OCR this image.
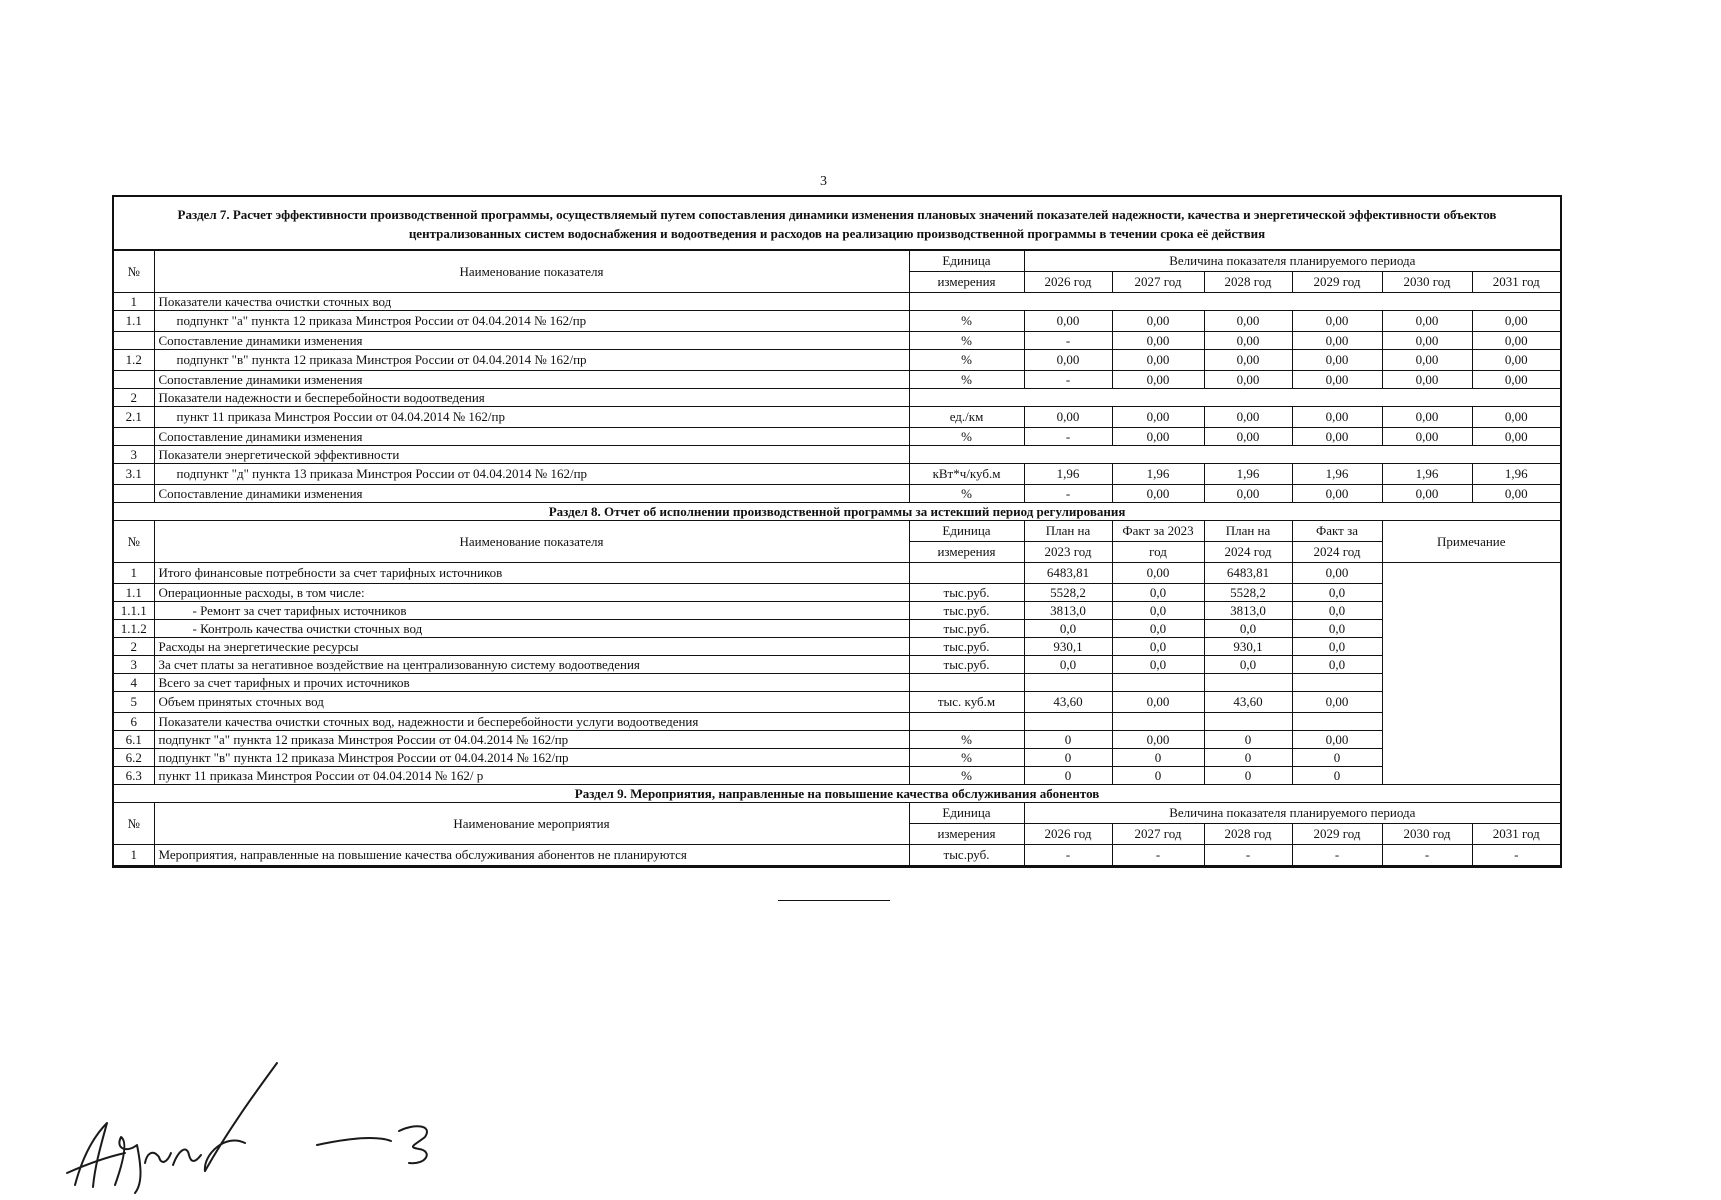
3
Раздел 7. Расчет эффективности производственной программы, осуществляемый путем сопоставления динамики изменения плановых значений показателей надежности, качества и энергетической эффективности объектов централизованных систем водоснабжения и водоотведения и расходов на реализацию производственной программы в течении срока её действия
№	Наименование показателя	Единица	Величина показателя планируемого периода					
		измерения	2026 год	2027 год	2028 год	2029 год	2030 год	2031 год
1	Показатели качества очистки сточных вод							
1.1	подпункт "а" пункта 12 приказа Минстроя России от 04.04.2014 № 162/пр	%	0,00	0,00	0,00	0,00	0,00	0,00
	Сопоставление динамики изменения	%	-	0,00	0,00	0,00	0,00	0,00
1.2	подпункт "в" пункта 12 приказа Минстроя России от 04.04.2014 № 162/пр	%	0,00	0,00	0,00	0,00	0,00	0,00
	Сопоставление динамики изменения	%	-	0,00	0,00	0,00	0,00	0,00
2	Показатели надежности и бесперебойности водоотведения							
2.1	пункт 11 приказа Минстроя России от 04.04.2014 № 162/пр	ед./км	0,00	0,00	0,00	0,00	0,00	0,00
	Сопоставление динамики изменения	%	-	0,00	0,00	0,00	0,00	0,00
3	Показатели энергетической эффективности							
3.1	подпункт "д" пункта 13 приказа Минстроя России от 04.04.2014 № 162/пр	кВт*ч/куб.м	1,96	1,96	1,96	1,96	1,96	1,96
	Сопоставление динамики изменения	%	-	0,00	0,00	0,00	0,00	0,00
Раздел 8. Отчет об исполнении производственной программы за истекший период регулирования								
№	Наименование показателя	Единица	План на	Факт за 2023	План на	Факт за	Примечание	
		измерения	2023 год	год	2024 год	2024 год		
1	Итого финансовые потребности за счет тарифных источников		6483,81	0,00	6483,81	0,00		
1.1	Операционные расходы, в том числе:	тыс.руб.	5528,2	0,0	5528,2	0,0		
1.1.1	- Ремонт за счет тарифных источников	тыс.руб.	3813,0	0,0	3813,0	0,0		
1.1.2	- Контроль качества очистки сточных вод	тыс.руб.	0,0	0,0	0,0	0,0		
2	Расходы на энергетические ресурсы	тыс.руб.	930,1	0,0	930,1	0,0		
3	За счет платы за негативное воздействие на централизованную систему водоотведения	тыс.руб.	0,0	0,0	0,0	0,0		
4	Всего за счет тарифных и прочих источников							
5	Объем принятых сточных вод	тыс. куб.м	43,60	0,00	43,60	0,00		
6	Показатели качества очистки сточных вод, надежности и бесперебойности услуги водоотведения							
6.1	подпункт "а" пункта 12 приказа Минстроя России от 04.04.2014 № 162/пр	%	0	0,00	0	0,00		
6.2	подпункт "в" пункта 12 приказа Минстроя России от 04.04.2014 № 162/пр	%	0	0	0	0		
6.3	пункт 11 приказа Минстроя России от 04.04.2014 № 162/ р	%	0	0	0	0		
Раздел 9. Мероприятия, направленные на повышение качества обслуживания абонентов								
№	Наименование мероприятия	Единица	Величина показателя планируемого периода					
		измерения	2026 год	2027 год	2028 год	2029 год	2030 год	2031 год
1	Мероприятия, направленные на повышение качества обслуживания абонентов не планируются	тыс.руб.	-	-	-	-	-	-
